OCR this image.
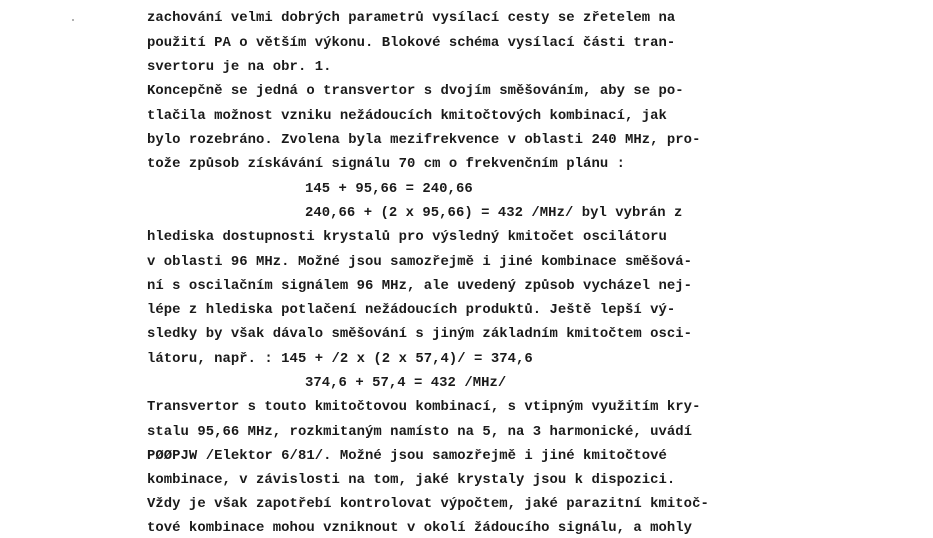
zachování velmi dobrých parametrů vysílací cesty se zřetelem na

použití PA o větším výkonu. Blokové schéma vysílací části tran-

svertoru je na obr. 1.

Koncepčně se jedná o transvertor s dvojím směšováním, aby se po-

tlačila možnost vzniku nežádoucích kmitočtových kombinací, jak

bylo rozebráno. Zvolena byla mezifrekvence v oblasti 240 MHz, pro-

tože způsob získávání signálu 70 cm o frekvenčním plánu :

145 + 95,66 = 240,66

240,66 + (2 x 95,66) = 432 /MHz/ byl vybrán z

hlediska dostupnosti krystalů pro výsledný kmitočet oscilátoru

v oblasti 96 MHz. Možné jsou samozřejmě i jiné kombinace směšová-

ní s oscilačním signálem 96 MHz, ale uvedený způsob vycházel nej-

lépe z hlediska potlačení nežádoucích produktů. Ještě lepší vý-

sledky by však dávalo směšování s jiným základním kmitočtem osci-

látoru, např. : 145 + /2 x (2 x 57,4)/ = 374,6

374,6 + 57,4 = 432 /MHz/

Transvertor s touto kmitočtovou kombinací, s vtipným využitím kry-

stalu 95,66 MHz, rozkmitaným namísto na 5, na 3 harmonické, uvádí

PØØPJW /Elektor 6/81/. Možné jsou samozřejmě i jiné kmitočtové

kombinace, v závislosti na tom, jaké krystaly jsou k dispozici.

Vždy je však zapotřebí kontrolovat výpočtem, jaké parazitní kmitoč-

tové kombinace mohou vzniknout v okolí žádoucího signálu, a mohly
